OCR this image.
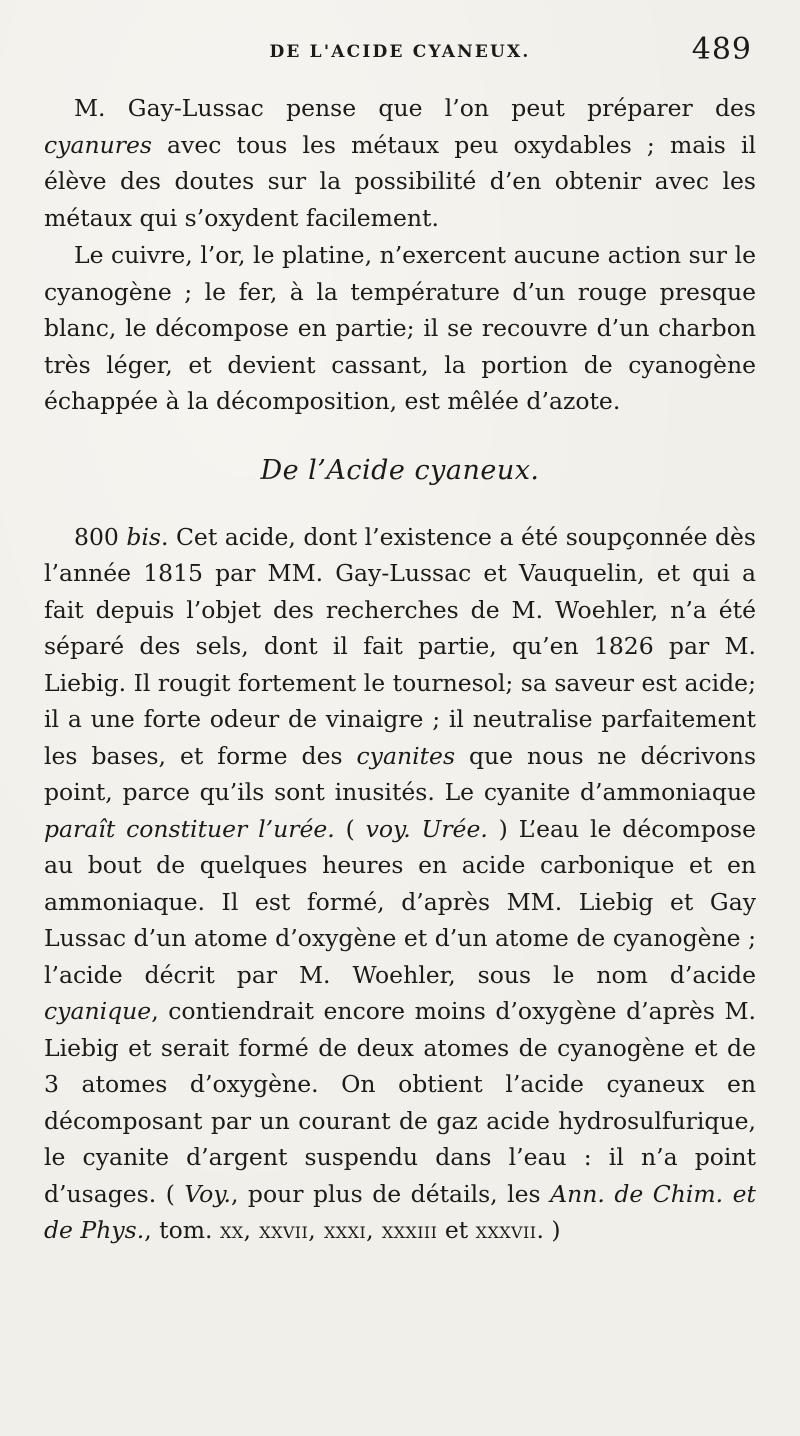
DE L'ACIDE CYANEUX.	489

M. Gay-Lussac pense que l’on peut préparer des cyanures avec tous les métaux peu oxydables ; mais il élève des doutes sur la possibilité d’en obtenir avec les métaux qui s’oxydent facilement.

Le cuivre, l’or, le platine, n’exercent aucune action sur le cyanogène ; le fer, à la température d’un rouge presque blanc, le décompose en partie; il se recouvre d’un charbon très léger, et devient cassant, la portion de cyanogène échappée à la décomposition, est mêlée d’azote.

De l’Acide cyaneux.

800 bis. Cet acide, dont l’existence a été soupçonnée dès l’année 1815 par MM. Gay-Lussac et Vauquelin, et qui a fait depuis l’objet des recherches de M. Woehler, n’a été séparé des sels, dont il fait partie, qu’en 1826 par M. Liebig. Il rougit fortement le tournesol; sa saveur est acide; il a une forte odeur de vinaigre ; il neutralise parfaitement les bases, et forme des cyanites que nous ne décrivons point, parce qu’ils sont inusités. Le cyanite d’ammoniaque paraît constituer l’urée. ( voy. Urée. ) L’eau le décompose au bout de quelques heures en acide carbonique et en ammoniaque. Il est formé, d’après MM. Liebig et Gay Lussac d’un atome d’oxygène et d’un atome de cyanogène ; l’acide décrit par M. Woehler, sous le nom d’acide cyanique, contiendrait encore moins d’oxygène d’après M. Liebig et serait formé de deux atomes de cyanogène et de 3 atomes d’oxygène. On obtient l’acide cyaneux en décomposant par un courant de gaz acide hydrosulfurique, le cyanite d’argent suspendu dans l’eau : il n’a point d’usages. ( Voy., pour plus de détails, les Ann. de Chim. et de Phys., tom. xx, xxvii, xxxi, xxxiii et xxxvii. )
